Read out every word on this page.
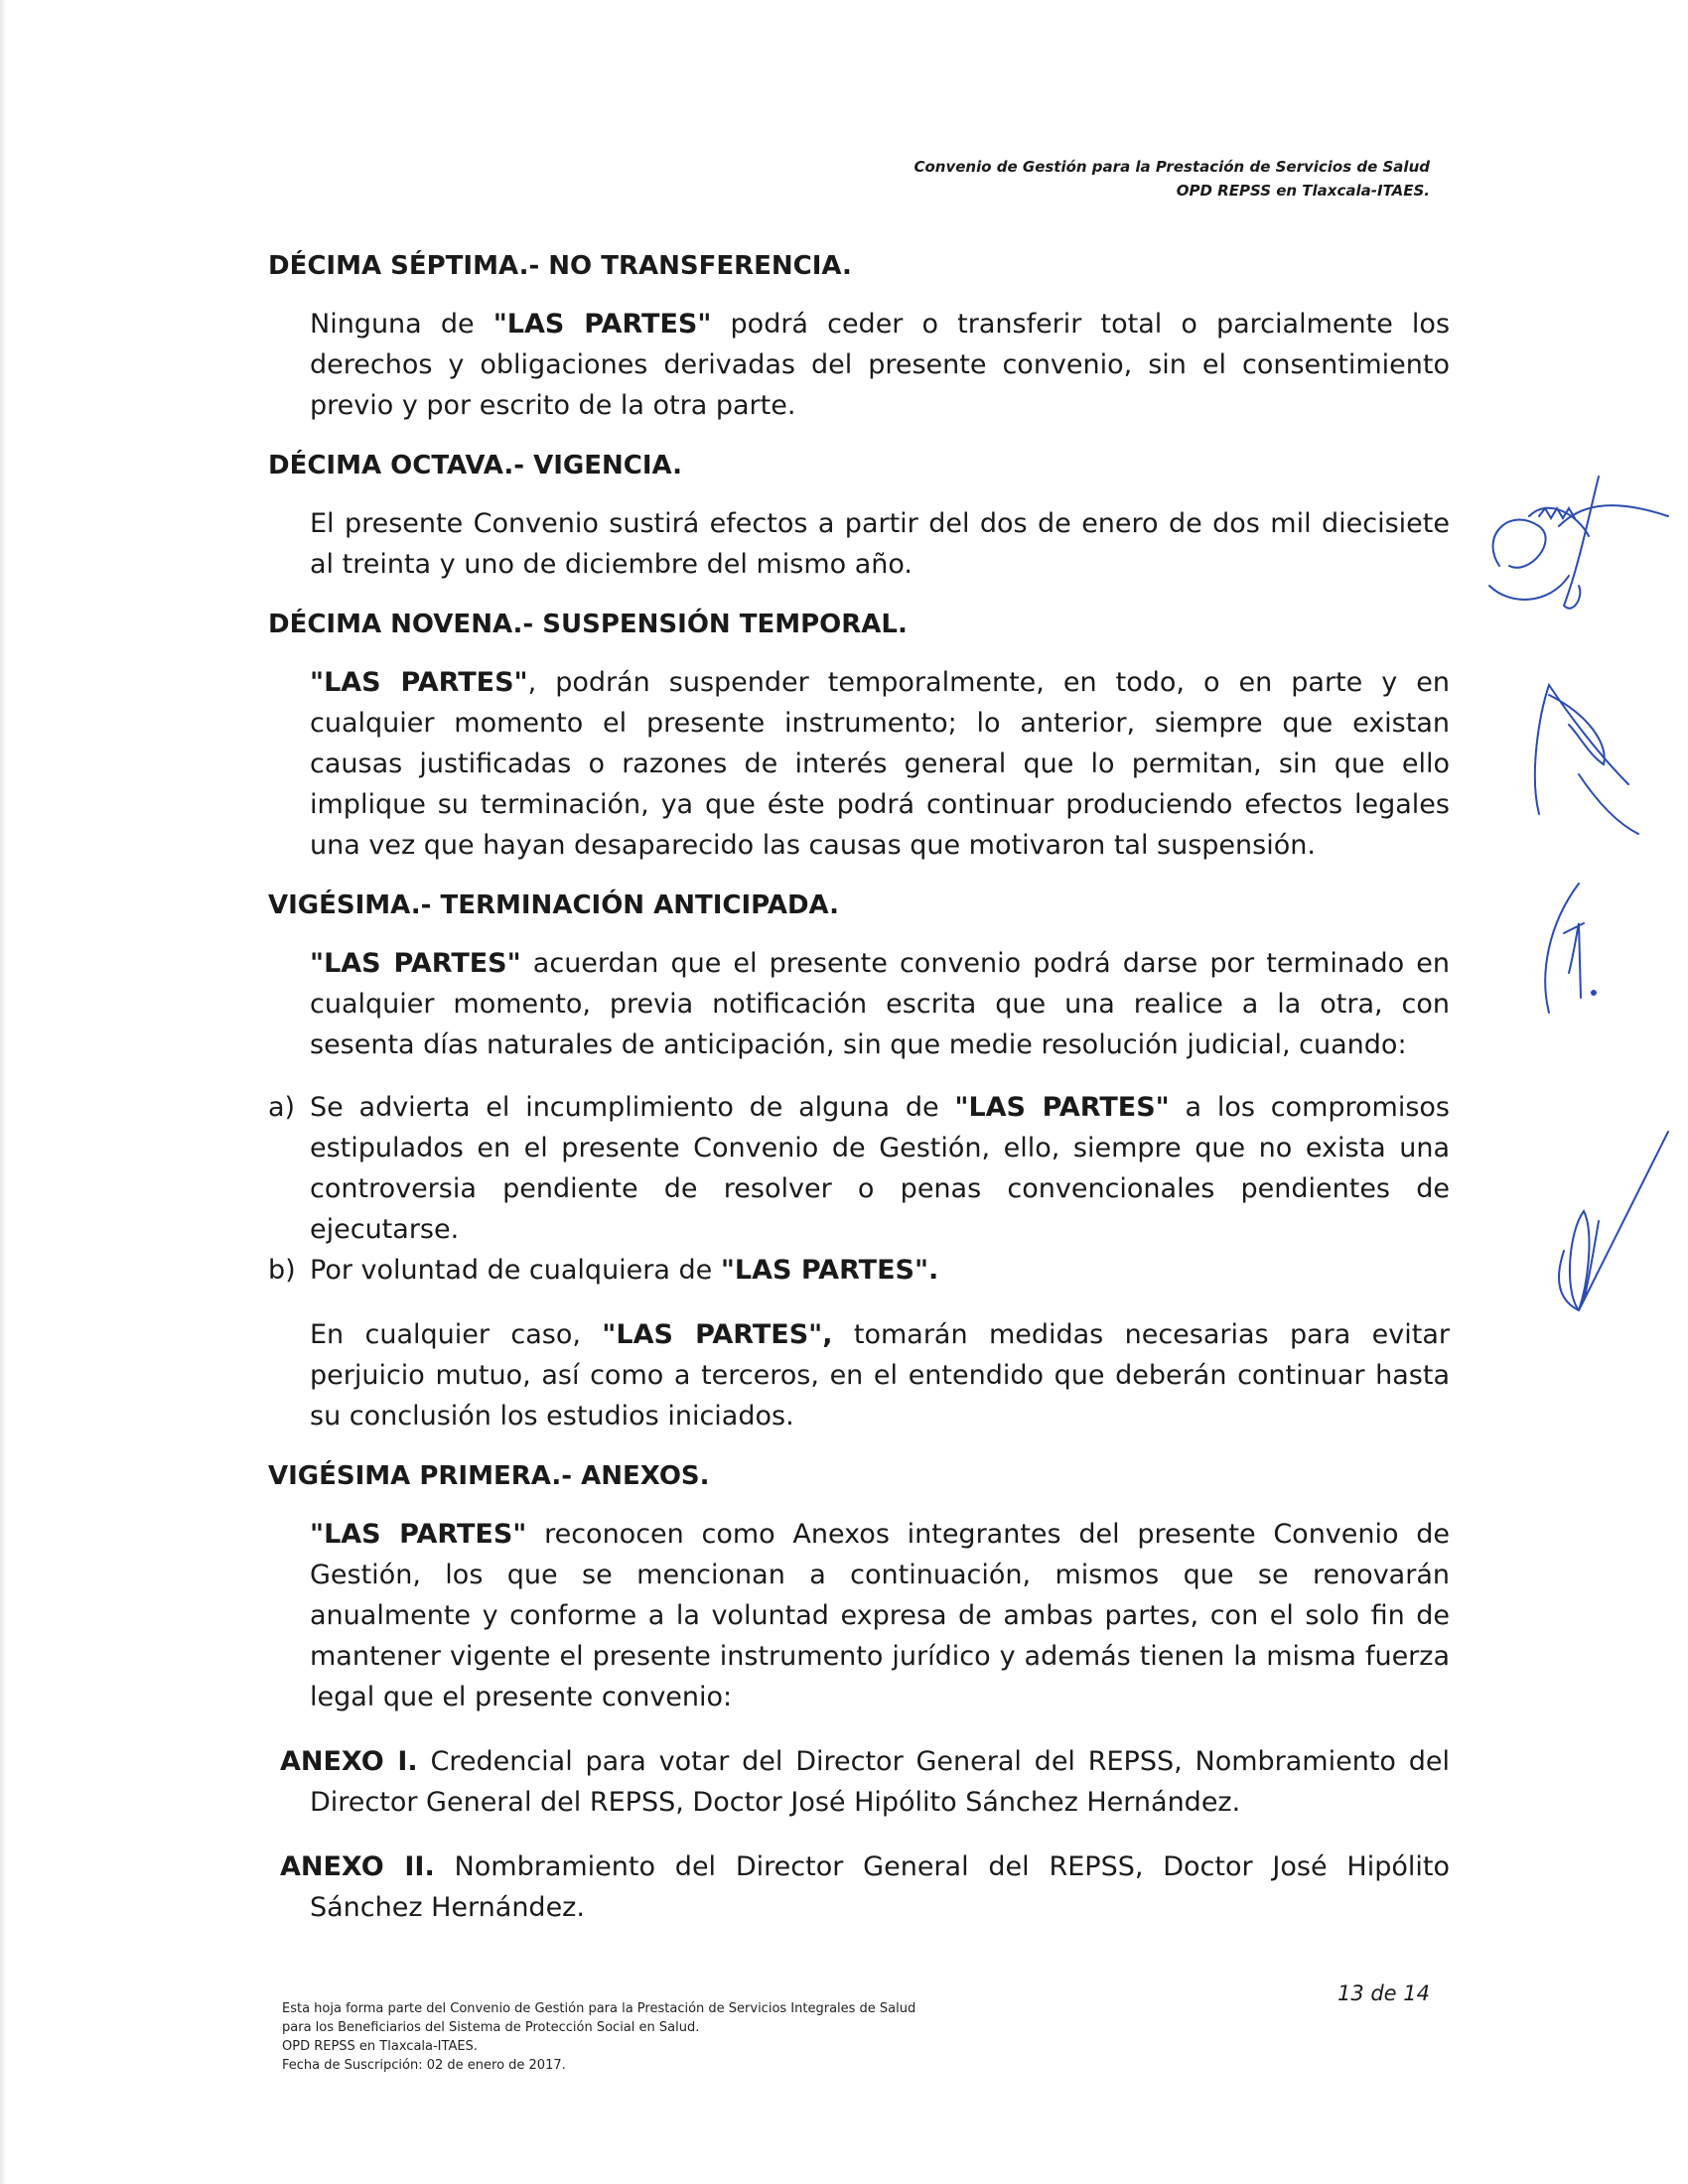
Convenio de Gestión para la Prestación de Servicios de Salud
OPD REPSS en Tlaxcala-ITAES.
DÉCIMA SÉPTIMA.- NO TRANSFERENCIA.

Ninguna de "LAS PARTES" podrá ceder o transferir total o parcialmente los derechos y obligaciones derivadas del presente convenio, sin el consentimiento previo y por escrito de la otra parte.

DÉCIMA OCTAVA.- VIGENCIA.

El presente Convenio sustirá efectos a partir del dos de enero de dos mil diecisiete al treinta y uno de diciembre del mismo año.

DÉCIMA NOVENA.- SUSPENSIÓN TEMPORAL.

"LAS PARTES", podrán suspender temporalmente, en todo, o en parte y en cualquier momento el presente instrumento; lo anterior, siempre que existan causas justificadas o razones de interés general que lo permitan, sin que ello implique su terminación, ya que éste podrá continuar produciendo efectos legales una vez que hayan desaparecido las causas que motivaron tal suspensión.

VIGÉSIMA.- TERMINACIÓN ANTICIPADA.

"LAS PARTES" acuerdan que el presente convenio podrá darse por terminado en cualquier momento, previa notificación escrita que una realice a la otra, con sesenta días naturales de anticipación, sin que medie resolución judicial, cuando:

a) Se advierta el incumplimiento de alguna de "LAS PARTES" a los compromisos estipulados en el presente Convenio de Gestión, ello, siempre que no exista una controversia pendiente de resolver o penas convencionales pendientes de ejecutarse.
b) Por voluntad de cualquiera de "LAS PARTES".

En cualquier caso, "LAS PARTES", tomarán medidas necesarias para evitar perjuicio mutuo, así como a terceros, en el entendido que deberán continuar hasta su conclusión los estudios iniciados.

VIGÉSIMA PRIMERA.- ANEXOS.

"LAS PARTES" reconocen como Anexos integrantes del presente Convenio de Gestión, los que se mencionan a continuación, mismos que se renovarán anualmente y conforme a la voluntad expresa de ambas partes, con el solo fin de mantener vigente el presente instrumento jurídico y además tienen la misma fuerza legal que el presente convenio:

ANEXO I. Credencial para votar del Director General del REPSS, Nombramiento del Director General del REPSS, Doctor José Hipólito Sánchez Hernández.

ANEXO II. Nombramiento del Director General del REPSS, Doctor José Hipólito Sánchez Hernández.

13 de 14
Esta hoja forma parte del Convenio de Gestión para la Prestación de Servicios Integrales de Salud
para los Beneficiarios del Sistema de Protección Social en Salud.
OPD REPSS en Tlaxcala-ITAES.
Fecha de Suscripción: 02 de enero de 2017.
